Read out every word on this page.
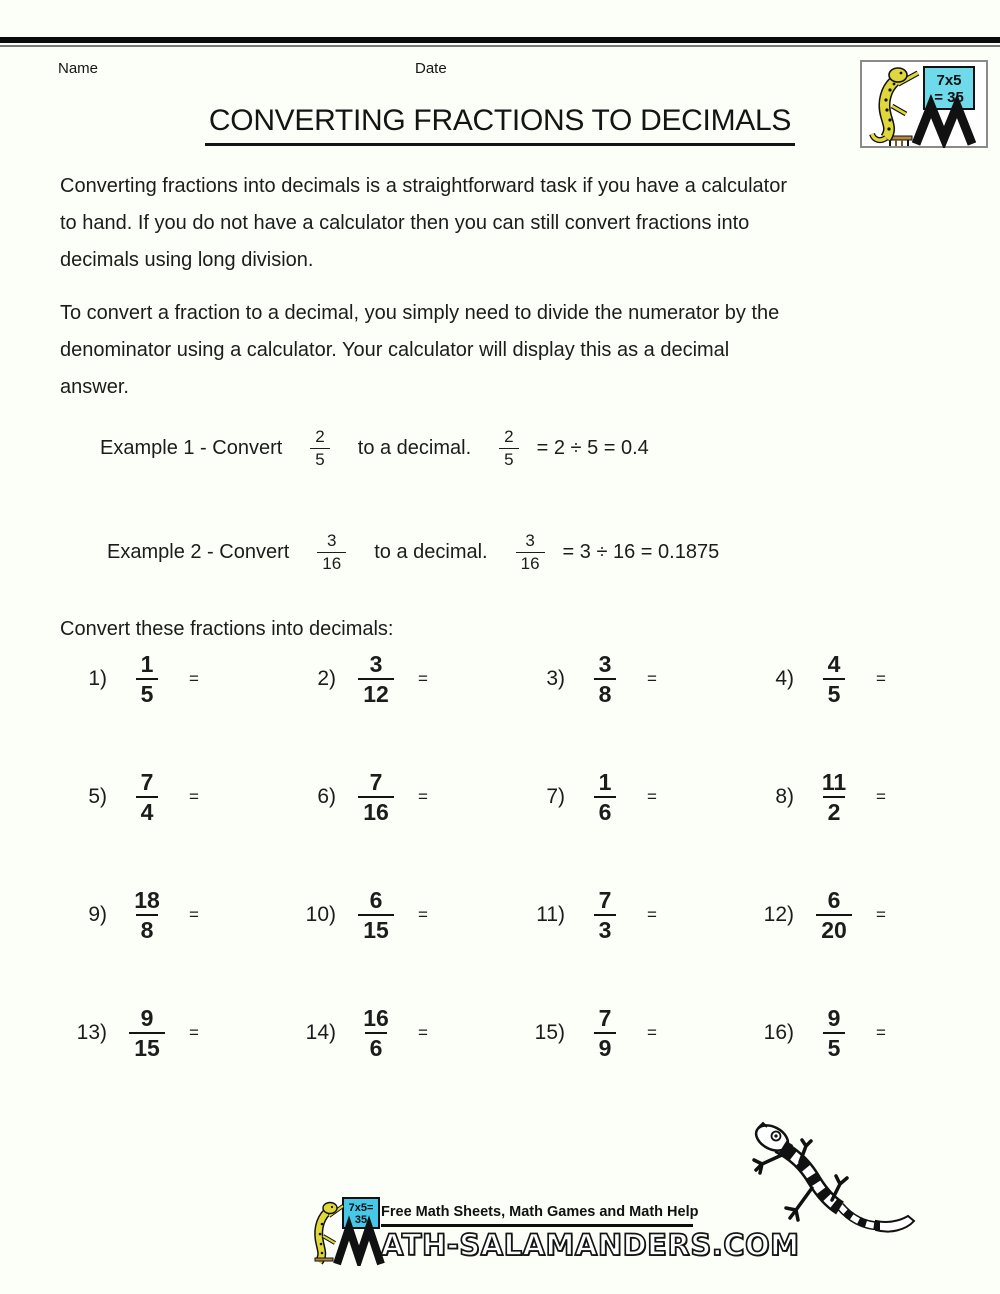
Name	Date
7x5
= 35
CONVERTING FRACTIONS TO DECIMALS
Converting fractions into decimals is a straightforward task if you have a calculator
to hand. If you do not have a calculator then you can still convert fractions into
decimals using long division.
To convert a fraction to a decimal, you simply need to divide the numerator by the
denominator using a calculator. Your calculator will display this as a decimal
answer.
Example 1 - Convert $\frac{2}{5}$ to a decimal. $\frac{2}{5} = 2 \div 5 = 0.4$
Example 2 - Convert $\frac{3}{16}$ to a decimal. $\frac{3}{16} = 3 \div 16 = 0.1875$
Convert these fractions into decimals:
$1) \frac{1}{5}$ =	$2) \frac{3}{12}$ =	$3) \frac{3}{8}$ =	$4) \frac{4}{5}$ =
$5) \frac{7}{4}$ =	$6) \frac{7}{16}$ =	$7) \frac{1}{6}$ =	$8) \frac{11}{2}$ =
$9) \frac{18}{8}$ =	$10) \frac{6}{15}$ =	$11) \frac{7}{3}$ =	$12) \frac{6}{20}$ =
$13) \frac{9}{15}$ =	$14) \frac{16}{6}$ =	$15) \frac{7}{9}$ =	$16) \frac{9}{5}$ =
7x5=
35 Free Math Sheets, Math Games and Math Help
ATH-SALAMANDERS.COM
